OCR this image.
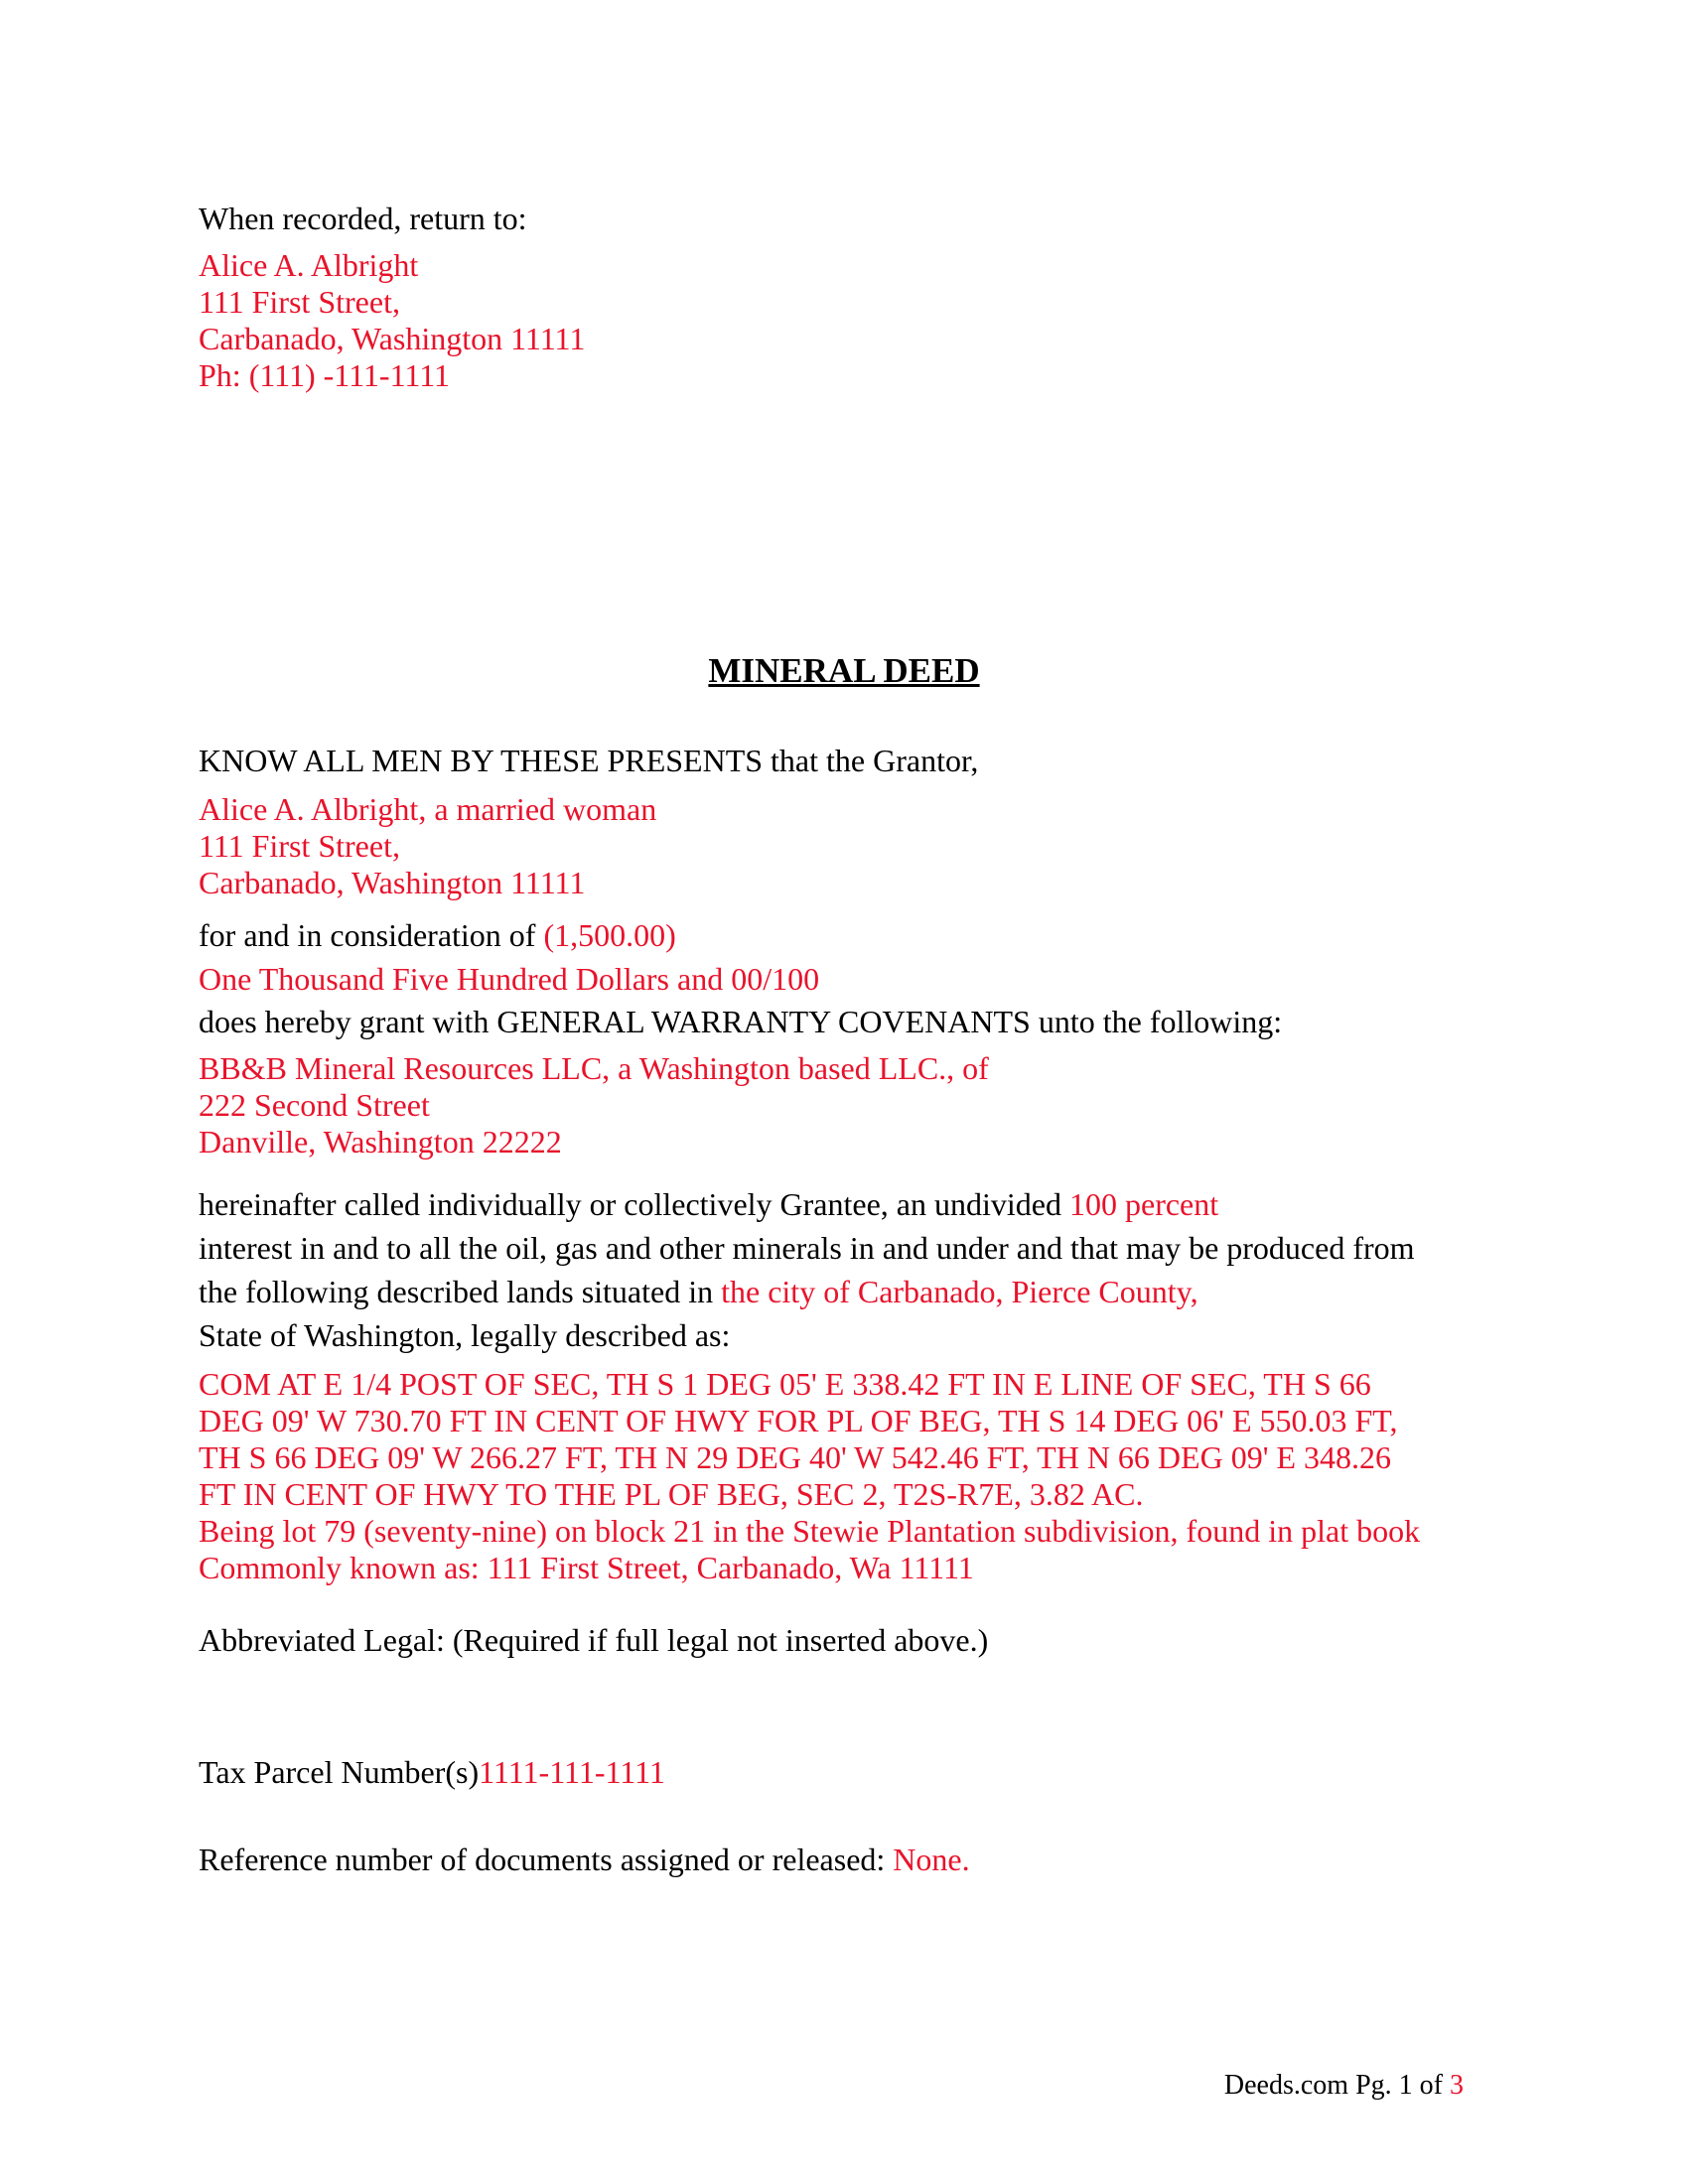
When recorded, return to:
Alice A. Albright
111 First Street,
Carbanado, Washington 11111
Ph: (111) -111-1111
MINERAL DEED
KNOW ALL MEN BY THESE PRESENTS that the Grantor,
Alice A. Albright, a married woman
111 First Street,
Carbanado, Washington 11111
for and in consideration of (1,500.00)
One Thousand Five Hundred Dollars and 00/100
does hereby grant with GENERAL WARRANTY COVENANTS unto the following:
BB&B Mineral Resources LLC, a Washington based LLC., of
222 Second Street
Danville, Washington 22222
hereinafter called individually or collectively Grantee, an undivided 100 percent
interest in and to all the oil, gas and other minerals in and under and that may be produced from
the following described lands situated in the city of Carbanado, Pierce County,
State of Washington, legally described as:
COM AT E 1/4 POST OF SEC, TH S 1 DEG 05' E 338.42 FT IN E LINE OF SEC, TH S 66
DEG 09' W 730.70 FT IN CENT OF HWY FOR PL OF BEG, TH S 14 DEG 06' E 550.03 FT,
TH S 66 DEG 09' W 266.27 FT, TH N 29 DEG 40' W 542.46 FT, TH N 66 DEG 09' E 348.26
FT IN CENT OF HWY TO THE PL OF BEG, SEC 2, T2S-R7E, 3.82 AC.
Being lot 79 (seventy-nine) on block 21 in the Stewie Plantation subdivision, found in plat book
Commonly known as: 111 First Street, Carbanado, Wa 11111
Abbreviated Legal: (Required if full legal not inserted above.)
Tax Parcel Number(s)1111-111-1111
Reference number of documents assigned or released: None.
Deeds.com Pg. 1 of 3
